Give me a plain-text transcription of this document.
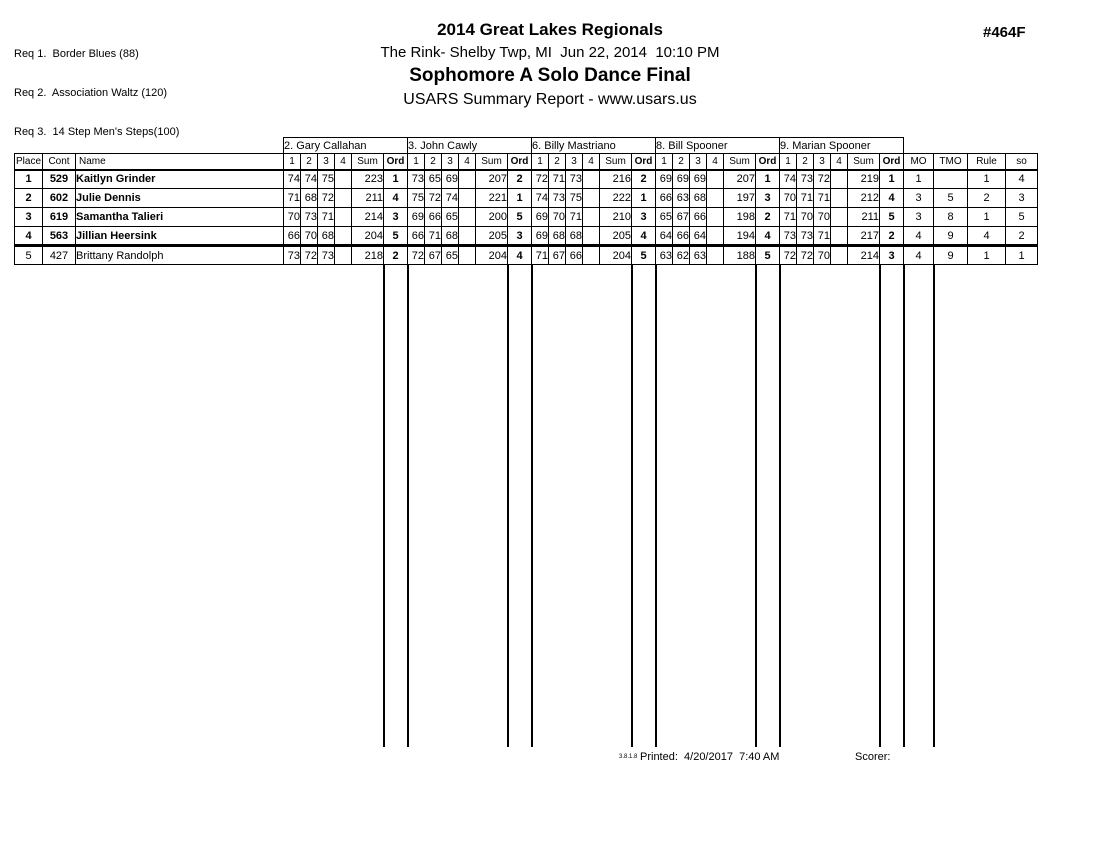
Req 1.  Border Blues (88)

Req 2.  Association Waltz (120)

Req 3.  14 Step Men's Steps(100)

2014 Great Lakes Regionals
The Rink- Shelby Twp, MI  Jun 22, 2014  10:10 PM
Sophomore A Solo Dance Final
USARS Summary Report - www.usars.us
#464F
			2. Gary Callahan						3. John Cawly						6. Billy Mastriano						8. Bill Spooner						9. Marian Spooner									
Place	Cont	Name	1	2	3	4	Sum	Ord	1	2	3	4	Sum	Ord	1	2	3	4	Sum	Ord	1	2	3	4	Sum	Ord	1	2	3	4	Sum	Ord	MO	TMO	Rule	so
1	529	Kaitlyn Grinder	74	74	75		223	1	73	65	69		207	2	72	71	73		216	2	69	69	69		207	1	74	73	72		219	1	1		1	4
2	602	Julie Dennis	71	68	72		211	4	75	72	74		221	1	74	73	75		222	1	66	63	68		197	3	70	71	71		212	4	3	5	2	3
3	619	Samantha Talieri	70	73	71		214	3	69	66	65		200	5	69	70	71		210	3	65	67	66		198	2	71	70	70		211	5	3	8	1	5
4	563	Jillian Heersink	66	70	68		204	5	66	71	68		205	3	69	68	68		205	4	64	66	64		194	4	73	73	71		217	2	4	9	4	2
5	427	Brittany Randolph	73	72	73		218	2	72	67	65		204	4	71	67	66		204	5	63	62	63		188	5	72	72	70		214	3	4	9	1	1

3.8.1.8 Printed:  4/20/2017  7:40 AM	Scorer:
